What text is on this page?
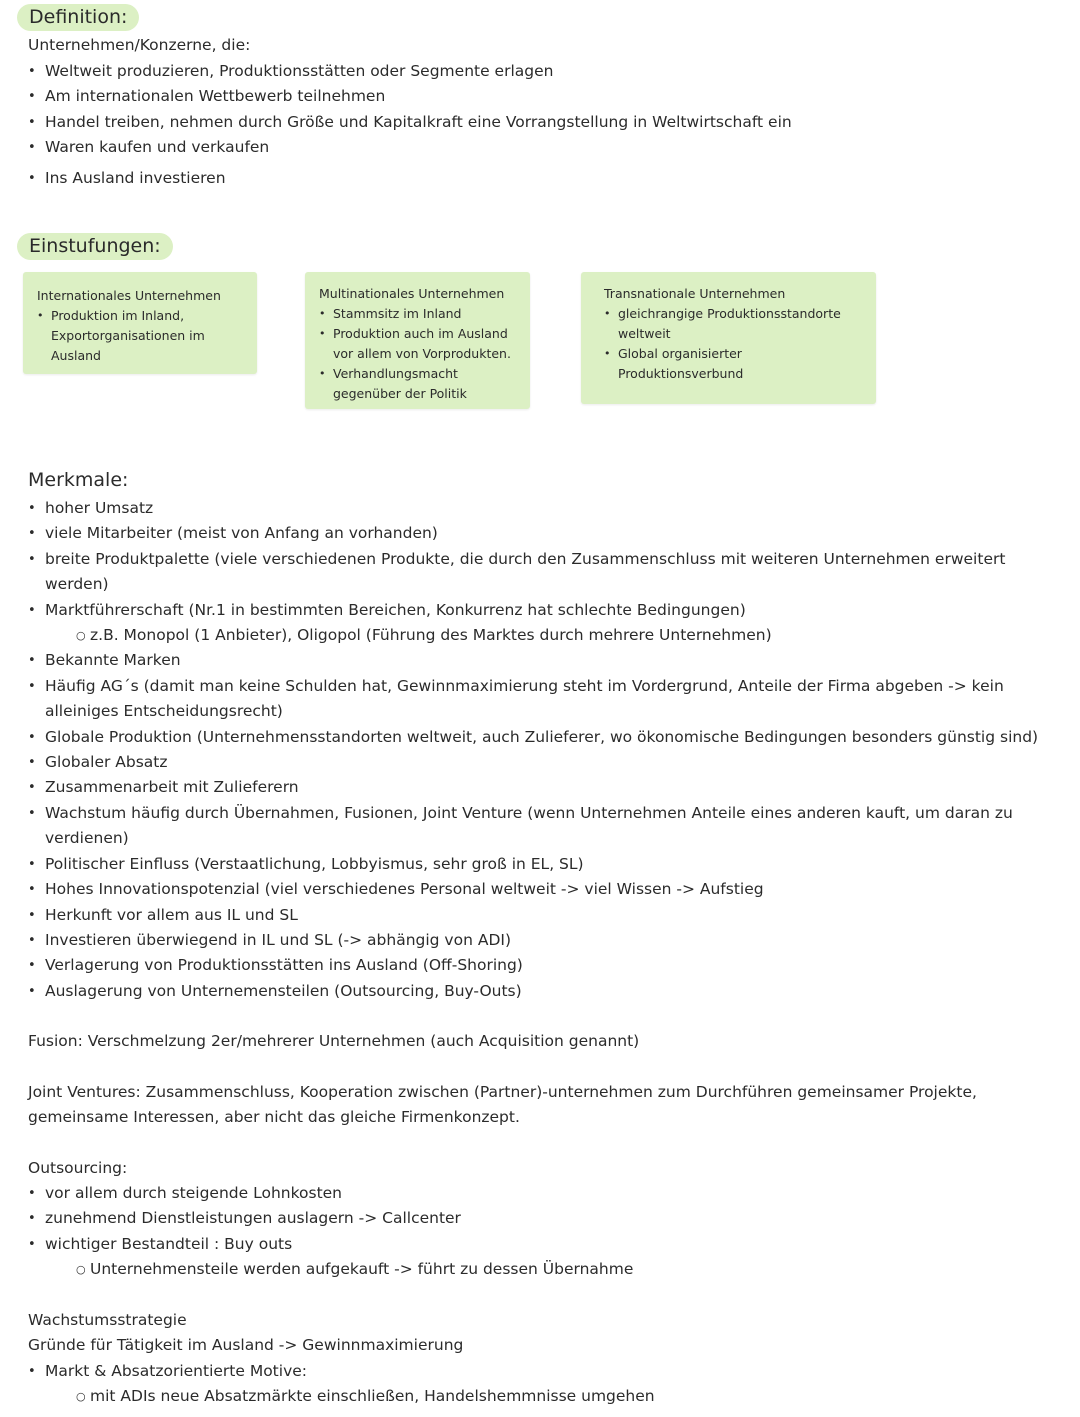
Definition:
Unternehmen/Konzerne, die:
• Weltweit produzieren, Produktionsstätten oder Segmente erlagen
• Am internationalen Wettbewerb teilnehmen
• Handel treiben, nehmen durch Größe und Kapitalkraft eine Vorrangstellung in Weltwirtschaft ein
• Waren kaufen und verkaufen
• Ins Ausland investieren
Einstufungen:
Internationales Unternehmen
• Produktion im Inland, Exportorganisationen im Ausland
Multinationales Unternehmen
• Stammsitz im Inland
• Produktion auch im Ausland vor allem von Vorprodukten.
• Verhandlungsmacht gegenüber der Politik
Transnationale Unternehmen
• gleichrangige Produktionsstandorte weltweit
• Global organisierter Produktionsverbund
Merkmale:
• hoher Umsatz
• viele Mitarbeiter (meist von Anfang an vorhanden)
• breite Produktpalette (viele verschiedenen Produkte, die durch den Zusammenschluss mit weiteren Unternehmen erweitert werden)
• Marktführerschaft (Nr.1 in bestimmten Bereichen, Konkurrenz hat schlechte Bedingungen)
○ z.B. Monopol (1 Anbieter), Oligopol (Führung des Marktes durch mehrere Unternehmen)
• Bekannte Marken
• Häufig AG´s (damit man keine Schulden hat, Gewinnmaximierung steht im Vordergrund, Anteile der Firma abgeben -> kein alleiniges Entscheidungsrecht)
• Globale Produktion (Unternehmensstandorten weltweit, auch Zulieferer, wo ökonomische Bedingungen besonders günstig sind)
• Globaler Absatz
• Zusammenarbeit mit Zulieferern
• Wachstum häufig durch Übernahmen, Fusionen, Joint Venture (wenn Unternehmen Anteile eines anderen kauft, um daran zu verdienen)
• Politischer Einfluss (Verstaatlichung, Lobbyismus, sehr groß in EL, SL)
• Hohes Innovationspotenzial (viel verschiedenes Personal weltweit -> viel Wissen -> Aufstieg
• Herkunft vor allem aus IL und SL
• Investieren überwiegend in IL und SL (-> abhängig von ADI)
• Verlagerung von Produktionsstätten ins Ausland (Off-Shoring)
• Auslagerung von Unternemensteilen (Outsourcing, Buy-Outs)
Fusion: Verschmelzung 2er/mehrerer Unternehmen (auch Acquisition genannt)
Joint Ventures: Zusammenschluss, Kooperation zwischen (Partner)-unternehmen zum Durchführen gemeinsamer Projekte,
gemeinsame Interessen, aber nicht das gleiche Firmenkonzept.
Outsourcing:
• vor allem durch steigende Lohnkosten
• zunehmend Dienstleistungen auslagern -> Callcenter
• wichtiger Bestandteil : Buy outs
○ Unternehmensteile werden aufgekauft -> führt zu dessen Übernahme
Wachstumsstrategie
Gründe für Tätigkeit im Ausland -> Gewinnmaximierung
• Markt & Absatzorientierte Motive:
○ mit ADIs neue Absatzmärkte einschließen, Handelshemmnisse umgehen
